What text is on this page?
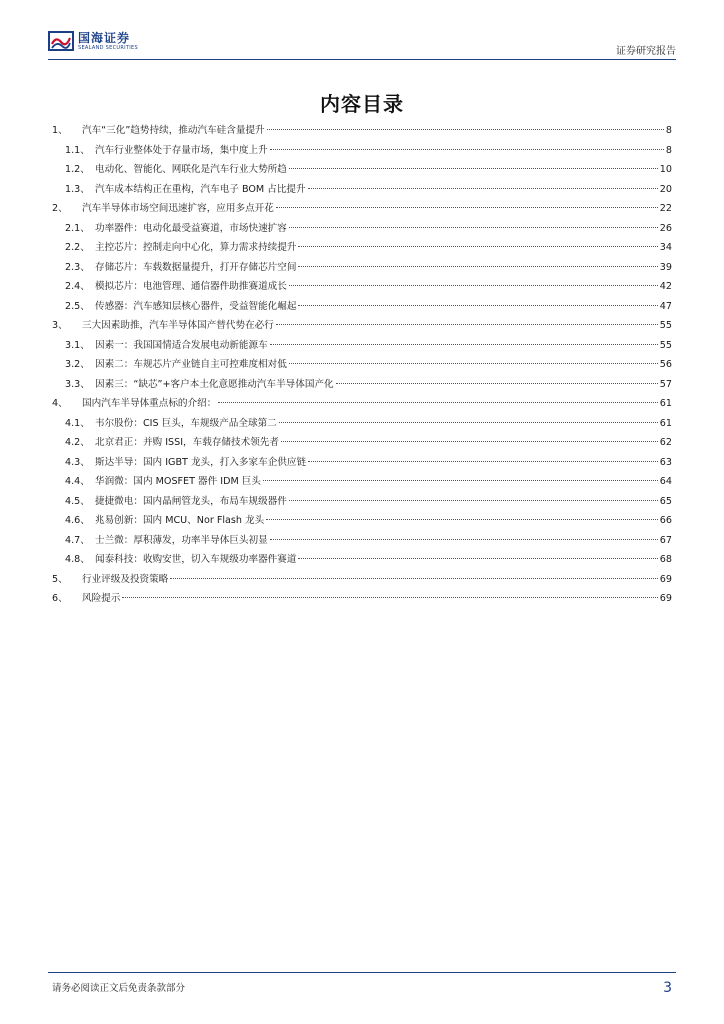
国海证券
SEALAND SECURITIES	证券研究报告
内容目录
1、	汽车“三化”趋势持续，推动汽车硅含量提升	8
1.1、 汽车行业整体处于存量市场，集中度上升	8
1.2、 电动化、智能化、网联化是汽车行业大势所趋	10
1.3、 汽车成本结构正在重构，汽车电子 BOM 占比提升	20
2、	汽车半导体市场空间迅速扩容，应用多点开花	22
2.1、 功率器件：电动化最受益赛道，市场快速扩容	26
2.2、 主控芯片：控制走向中心化，算力需求持续提升	34
2.3、 存储芯片：车载数据量提升，打开存储芯片空间	39
2.4、 模拟芯片：电池管理、通信器件助推赛道成长	42
2.5、 传感器：汽车感知层核心器件，受益智能化崛起	47
3、	三大因素助推，汽车半导体国产替代势在必行	55
3.1、 因素一：我国国情适合发展电动新能源车	55
3.2、 因素二：车规芯片产业链自主可控难度相对低	56
3.3、 因素三：“缺芯”+客户本土化意愿推动汽车半导体国产化	57
4、	国内汽车半导体重点标的介绍：	61
4.1、 韦尔股份：CIS 巨头，车规级产品全球第二	61
4.2、 北京君正：并购 ISSI，车载存储技术领先者	62
4.3、 斯达半导：国内 IGBT 龙头，打入多家车企供应链	63
4.4、 华润微：国内 MOSFET 器件 IDM 巨头	64
4.5、 捷捷微电：国内晶闸管龙头，布局车规级器件	65
4.6、 兆易创新：国内 MCU、Nor Flash 龙头	66
4.7、 士兰微：厚积薄发，功率半导体巨头初显	67
4.8、 闻泰科技：收购安世，切入车规级功率器件赛道	68
5、	行业评级及投资策略	69
6、	风险提示	69
请务必阅读正文后免责条款部分	3
